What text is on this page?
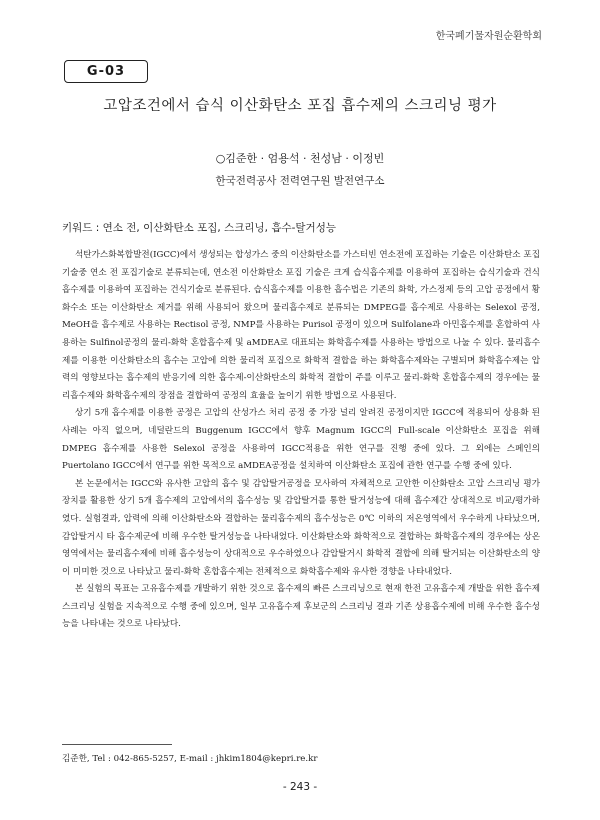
한국폐기물자원순환학회
G-03
고압조건에서 습식 이산화탄소 포집 흡수제의 스크리닝 평가
○김준한 · 엄용석 · 천성남 · 이정빈
한국전력공사 전력연구원 발전연구소
키워드 : 연소 전, 이산화탄소 포집, 스크리닝, 흡수-탈거성능

석탄가스화복합발전(IGCC)에서 생성되는 합성가스 중의 이산화탄소를 가스터빈 연소전에 포집하는 기술은 이산화탄소 포집 기술중 연소 전 포집기술로 분류되는데, 연소전 이산화탄소 포집 기술은 크게 습식흡수제를 이용하여 포집하는 습식기술과 건식흡수제를 이용하여 포집하는 건식기술로 분류된다. 습식흡수제를 이용한 흡수법은 기존의 화학, 가스정제 등의 고압 공정에서 황화수소 또는 이산화탄소 제거를 위해 사용되어 왔으며 물리흡수제로 분류되는 DMPEG를 흡수제로 사용하는 Selexol 공정, MeOH을 흡수제로 사용하는 Rectisol 공정, NMP를 사용하는 Purisol 공정이 있으며 Sulfolane과 아민흡수제를 혼합하여 사용하는 Sulfinol공정의 물리-화학 혼합흡수제 및 aMDEA로 대표되는 화학흡수제를 사용하는 방법으로 나눌 수 있다. 물리흡수제를 이용한 이산화탄소의 흡수는 고압에 의한 물리적 포집으로 화학적 결합을 하는 화학흡수제와는 구별되며 화학흡수제는 압력의 영향보다는 흡수제의 반응기에 의한 흡수제-이산화탄소의 화학적 결합이 주를 이루고 물리-화학 혼합흡수제의 경우에는 물리흡수제와 화학흡수제의 장점을 결합하여 공정의 효율을 높이기 위한 방법으로 사용된다.

상기 5개 흡수제를 이용한 공정은 고압의 산성가스 처리 공정 중 가장 널리 알려진 공정이지만 IGCC에 적용되어 상용화 된 사례는 아직 없으며, 네덜란드의 Buggenum IGCC에서 향후 Magnum IGCC의 Full-scale 이산화탄소 포집을 위해 DMPEG 흡수제를 사용한 Selexol 공정을 사용하여 IGCC적용을 위한 연구를 진행 중에 있다. 그 외에는 스페인의 Puertolano IGCC에서 연구를 위한 목적으로 aMDEA공정을 설치하여 이산화탄소 포집에 관한 연구를 수행 중에 있다.

본 논문에서는 IGCC와 유사한 고압의 흡수 및 감압탈거공정을 모사하여 자체적으로 고안한 이산화탄소 고압 스크리닝 평가장치를 활용한 상기 5개 흡수제의 고압에서의 흡수성능 및 감압탈거를 통한 탈거성능에 대해 흡수제간 상대적으로 비교/평가하였다. 실험결과, 압력에 의해 이산화탄소와 결합하는 물리흡수제의 흡수성능은 0℃ 이하의 저온영역에서 우수하게 나타났으며, 감압탈거시 타 흡수제군에 비해 우수한 탈거성능을 나타내었다. 이산화탄소와 화학적으로 결합하는 화학흡수제의 경우에는 상온영역에서는 물리흡수제에 비해 흡수성능이 상대적으로 우수하였으나 감압탈거시 화학적 결합에 의해 탈거되는 이산화탄소의 양이 미미한 것으로 나타났고 물리-화학 혼합흡수제는 전체적으로 화학흡수제와 유사한 경향을 나타내었다.

본 실험의 목표는 고유흡수제를 개발하기 위한 것으로 흡수제의 빠른 스크리닝으로 현재 한전 고유흡수제 개발을 위한 흡수제 스크리닝 실험을 지속적으로 수행 중에 있으며, 일부 고유흡수제 후보군의 스크리닝 결과 기존 상용흡수제에 비해 우수한 흡수성능을 나타내는 것으로 나타났다.

김준한, Tel : 042-865-5257, E-mail : jhkim1804@kepri.re.kr
- 243 -
